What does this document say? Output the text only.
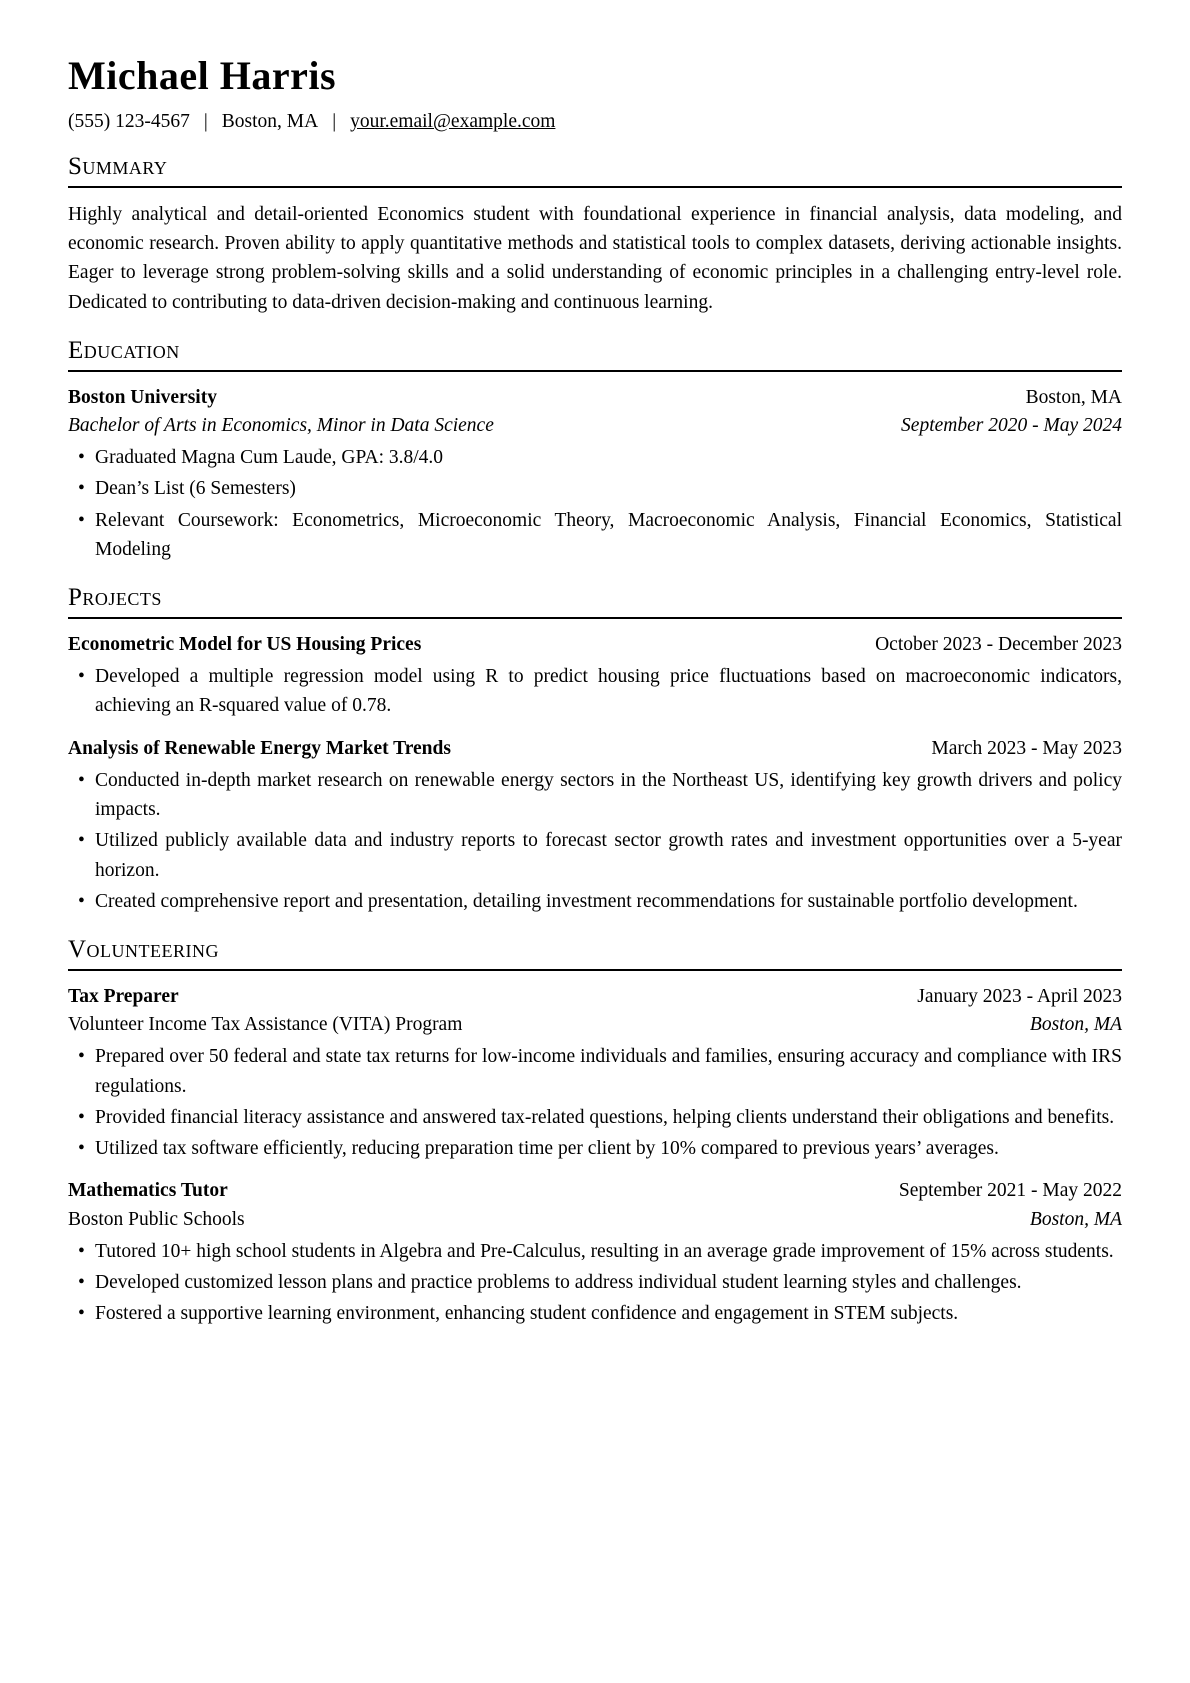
Michael Harris
(555) 123-4567 | Boston, MA | your.email@example.com
Summary

Highly analytical and detail-oriented Economics student with foundational experience in financial analysis, data modeling, and economic research. Proven ability to apply quantitative methods and statistical tools to complex datasets, deriving actionable insights. Eager to leverage strong problem-solving skills and a solid understanding of economic principles in a challenging entry-level role. Dedicated to contributing to data-driven decision-making and continuous learning.

Education
Boston University	Boston, MA
Bachelor of Arts in Economics, Minor in Data Science	September 2020 - May 2024
• Graduated Magna Cum Laude, GPA: 3.8/4.0
• Dean’s List (6 Semesters)
• Relevant Coursework: Econometrics, Microeconomic Theory, Macroeconomic Analysis, Financial Economics, Statistical Modeling
Projects
Econometric Model for US Housing Prices	October 2023 - December 2023
• Developed a multiple regression model using R to predict housing price fluctuations based on macroeconomic indicators, achieving an R-squared value of 0.78.
Analysis of Renewable Energy Market Trends	March 2023 - May 2023
• Conducted in-depth market research on renewable energy sectors in the Northeast US, identifying key growth drivers and policy impacts.
• Utilized publicly available data and industry reports to forecast sector growth rates and investment opportunities over a 5-year horizon.
• Created comprehensive report and presentation, detailing investment recommendations for sustainable portfolio development.
Volunteering
Tax Preparer	January 2023 - April 2023
Volunteer Income Tax Assistance (VITA) Program	Boston, MA
• Prepared over 50 federal and state tax returns for low-income individuals and families, ensuring accuracy and compliance with IRS regulations.
• Provided financial literacy assistance and answered tax-related questions, helping clients understand their obligations and benefits.
• Utilized tax software efficiently, reducing preparation time per client by 10% compared to previous years’ averages.
Mathematics Tutor	September 2021 - May 2022
Boston Public Schools	Boston, MA
• Tutored 10+ high school students in Algebra and Pre-Calculus, resulting in an average grade improvement of 15% across students.
• Developed customized lesson plans and practice problems to address individual student learning styles and challenges.
• Fostered a supportive learning environment, enhancing student confidence and engagement in STEM subjects.
